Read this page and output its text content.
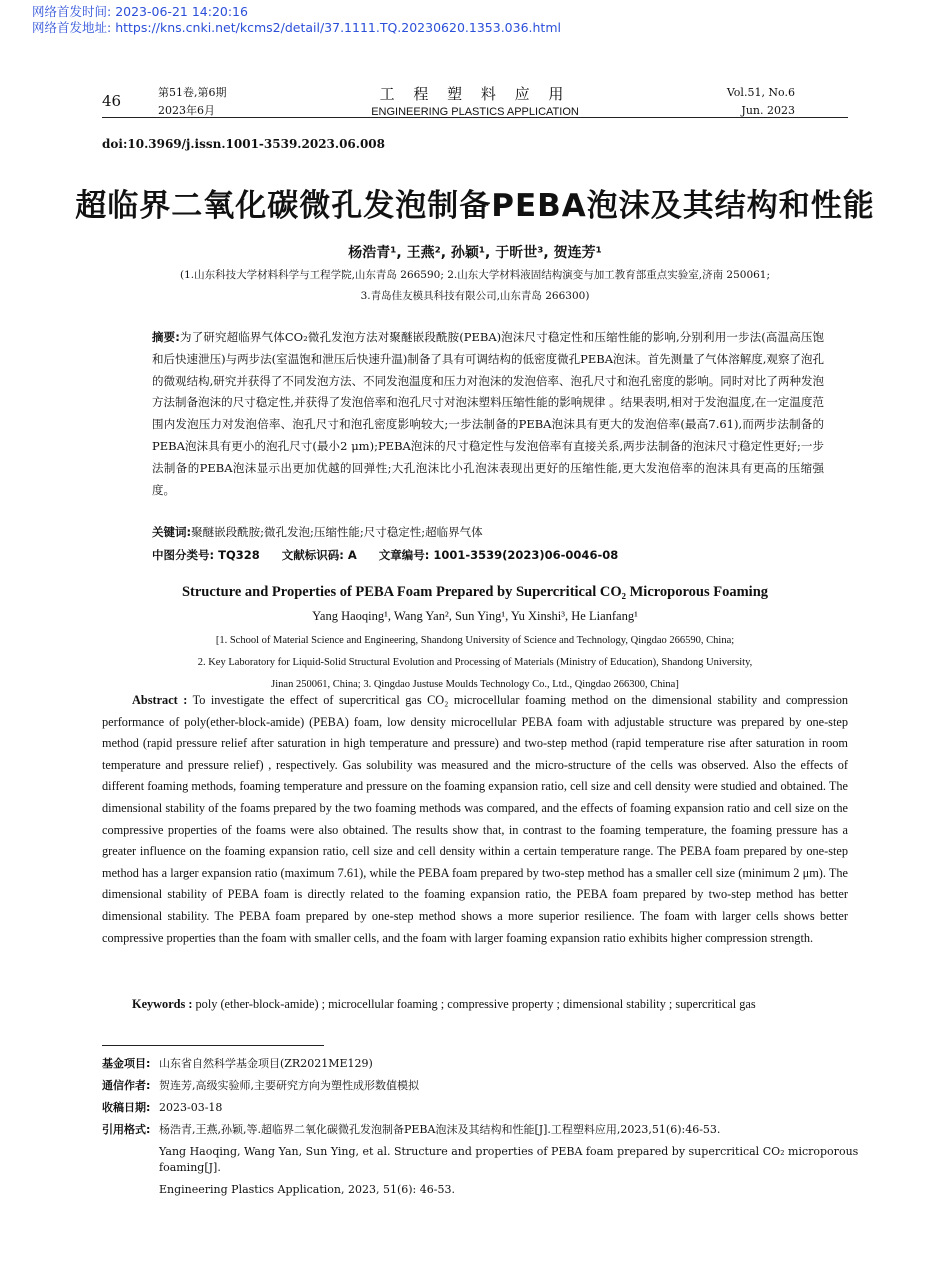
网络首发时间: 2023-06-21 14:20:16
网络首发地址: https://kns.cnki.net/kcms2/detail/37.1111.TQ.20230620.1353.036.html
46	第51卷,第6期
2023年6月
工 程 塑 料 应 用
ENGINEERING PLASTICS APPLICATION
Vol.51, No.6
Jun. 2023
doi:10.3969/j.issn.1001-3539.2023.06.008
超临界二氧化碳微孔发泡制备PEBA泡沫及其结构和性能
杨浩青¹, 王燕², 孙颖¹, 于昕世³, 贺连芳¹
(1.山东科技大学材料科学与工程学院,山东青岛 266590; 2.山东大学材料液固结构演变与加工教育部重点实验室,济南 250061;
3.青岛佳友模具科技有限公司,山东青岛 266300)
摘要:为了研究超临界气体CO₂微孔发泡方法对聚醚嵌段酰胺(PEBA)泡沫尺寸稳定性和压缩性能的影响,分别利用一步法(高温高压饱和后快速泄压)与两步法(室温饱和泄压后快速升温)制备了具有可调结构的低密度微孔PEBA泡沫。首先测量了气体溶解度,观察了泡孔的微观结构,研究并获得了不同发泡方法、不同发泡温度和压力对泡沫的发泡倍率、泡孔尺寸和泡孔密度的影响。同时对比了两种发泡方法制备泡沫的尺寸稳定性,并获得了发泡倍率和泡孔尺寸对泡沫塑料压缩性能的影响规律 。结果表明,相对于发泡温度,在一定温度范围内发泡压力对发泡倍率、泡孔尺寸和泡孔密度影响较大;一步法制备的PEBA泡沫具有更大的发泡倍率(最高7.61),而两步法制备的PEBA泡沫具有更小的泡孔尺寸(最小2 μm);PEBA泡沫的尺寸稳定性与发泡倍率有直接关系,两步法制备的泡沫尺寸稳定性更好;一步法制备的PEBA泡沫显示出更加优越的回弹性;大孔泡沫比小孔泡沫表现出更好的压缩性能,更大发泡倍率的泡沫具有更高的压缩强度。
关键词:聚醚嵌段酰胺;微孔发泡;压缩性能;尺寸稳定性;超临界气体
中图分类号: TQ328 文献标识码: A 文章编号: 1001-3539(2023)06-0046-08
Structure and Properties of PEBA Foam Prepared by Supercritical CO₂ Microporous Foaming
Yang Haoqing¹, Wang Yan², Sun Ying¹, Yu Xinshi³, He Lianfang¹
[1. School of Material Science and Engineering, Shandong University of Science and Technology, Qingdao 266590, China;
2. Key Laboratory for Liquid-Solid Structural Evolution and Processing of Materials (Ministry of Education), Shandong University,
Jinan 250061, China; 3. Qingdao Justuse Moulds Technology Co., Ltd., Qingdao 266300, China]
Abstract : To investigate the effect of supercritical gas CO₂ microcellular foaming method on the dimensional stability and compression performance of poly(ether-block-amide) (PEBA) foam, low density microcellular PEBA foam with adjustable structure was prepared by one-step method (rapid pressure relief after saturation in high temperature and pressure) and two-step method (rapid temperature rise after saturation in room temperature and pressure relief) , respectively. Gas solubility was measured and the micro-structure of the cells was observed. Also the effects of different foaming methods, foaming temperature and pressure on the foaming expansion ratio, cell size and cell density were studied and obtained. The dimensional stability of the foams prepared by the two foaming methods was compared, and the effects of foaming expansion ratio and cell size on the compressive properties of the foams were also obtained. The results show that, in contrast to the foaming temperature, the foaming pressure has a greater influence on the foaming expansion ratio, cell size and cell density within a certain temperature range. The PEBA foam prepared by one-step method has a larger expansion ratio (maximum 7.61), while the PEBA foam prepared by two-step method has a smaller cell size (minimum 2 μm). The dimensional stability of PEBA foam is directly related to the foaming expansion ratio, the PEBA foam prepared by two-step method has better dimensional stability. The PEBA foam prepared by one-step method shows a more superior resilience. The foam with larger cells shows better compressive properties than the foam with smaller cells, and the foam with larger foaming expansion ratio exhibits higher compression strength.
Keywords : poly (ether-block-amide) ; microcellular foaming ; compressive property ; dimensional stability ; supercritical gas
基金项目: 山东省自然科学基金项目(ZR2021ME129)
通信作者: 贺连芳,高级实验师,主要研究方向为塑性成形数值模拟
收稿日期: 2023-03-18
引用格式: 杨浩青,王燕,孙颖,等.超临界二氧化碳微孔发泡制备PEBA泡沫及其结构和性能[J].工程塑料应用,2023,51(6):46-53.
Yang Haoqing, Wang Yan, Sun Ying, et al. Structure and properties of PEBA foam prepared by supercritical CO₂ microporous foaming[J].
Engineering Plastics Application, 2023, 51(6): 46-53.
